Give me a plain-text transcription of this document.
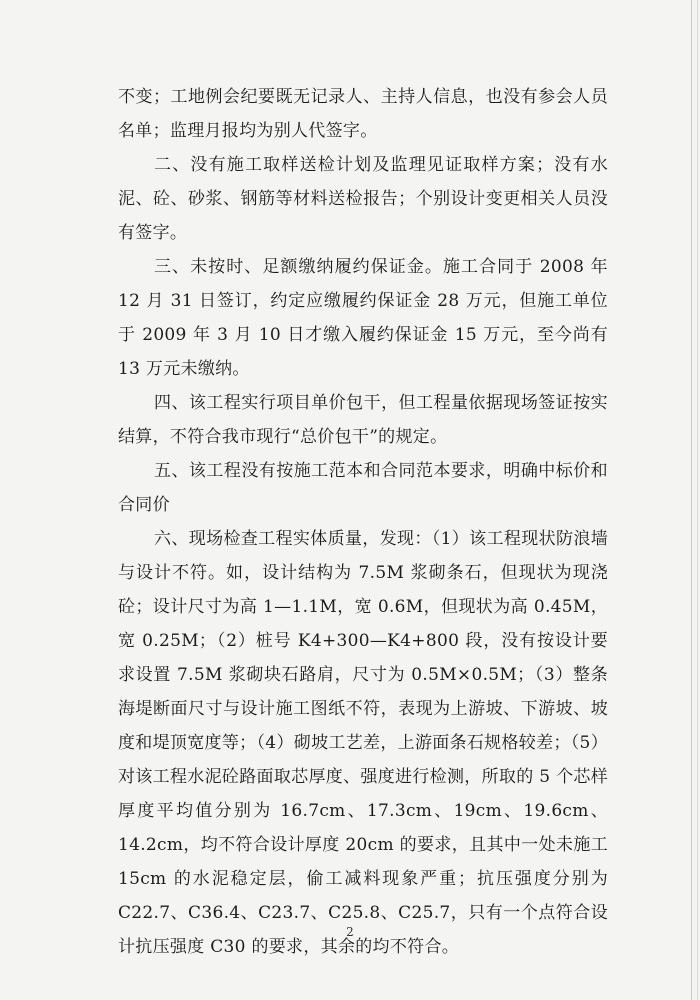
不变；工地例会纪要既无记录人、主持人信息，也没有参会人员名单；监理月报均为别人代签字。

二、没有施工取样送检计划及监理见证取样方案；没有水泥、砼、砂浆、钢筋等材料送检报告；个别设计变更相关人员没有签字。

三、未按时、足额缴纳履约保证金。施工合同于 2008 年 12 月 31 日签订，约定应缴履约保证金 28 万元，但施工单位于 2009 年 3 月 10 日才缴入履约保证金 15 万元，至今尚有 13 万元未缴纳。

四、该工程实行项目单价包干，但工程量依据现场签证按实结算，不符合我市现行“总价包干”的规定。

五、该工程没有按施工范本和合同范本要求，明确中标价和合同价

六、现场检查工程实体质量，发现：（1）该工程现状防浪墙与设计不符。如，设计结构为 7.5M 浆砌条石，但现状为现浇砼；设计尺寸为高 1—1.1M，宽 0.6M，但现状为高 0.45M，宽 0.25M；（2）桩号 K4+300—K4+800 段，没有按设计要求设置 7.5M 浆砌块石路肩，尺寸为 0.5M×0.5M；（3）整条海堤断面尺寸与设计施工图纸不符，表现为上游坡、下游坡、坡度和堤顶宽度等；（4）砌坡工艺差，上游面条石规格较差；（5）对该工程水泥砼路面取芯厚度、强度进行检测，所取的 5 个芯样厚度平均值分别为 16.7cm、17.3cm、19cm、19.6cm、14.2cm，均不符合设计厚度 20cm 的要求，且其中一处未施工 15cm 的水泥稳定层，偷工减料现象严重；抗压强度分别为 C22.7、C36.4、C23.7、C25.8、C25.7，只有一个点符合设计抗压强度 C30 的要求，其余的均不符合。

2
